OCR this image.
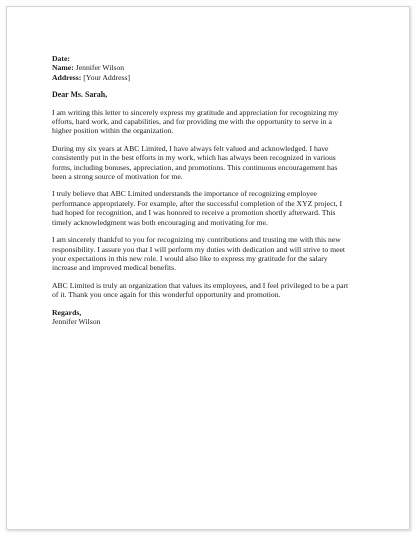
Date:
Name: Jennifer Wilson
Address: [Your Address]
Dear Ms. Sarah,

I am writing this letter to sincerely express my gratitude and appreciation for recognizing my
efforts, hard work, and capabilities, and for providing me with the opportunity to serve in a
higher position within the organization.

During my six years at ABC Limited, I have always felt valued and acknowledged. I have
consistently put in the best efforts in my work, which has always been recognized in various
forms, including bonuses, appreciation, and promotions. This continuous encouragement has
been a strong source of motivation for me.

I truly believe that ABC Limited understands the importance of recognizing employee
performance appropriately. For example, after the successful completion of the XYZ project, I
had hoped for recognition, and I was honored to receive a promotion shortly afterward. This
timely acknowledgment was both encouraging and motivating for me.

I am sincerely thankful to you for recognizing my contributions and trusting me with this new
responsibility. I assure you that I will perform my duties with dedication and will strive to meet
your expectations in this new role. I would also like to express my gratitude for the salary
increase and improved medical benefits.

ABC Limited is truly an organization that values its employees, and I feel privileged to be a part
of it. Thank you once again for this wonderful opportunity and promotion.

Regards,
Jennifer Wilson
